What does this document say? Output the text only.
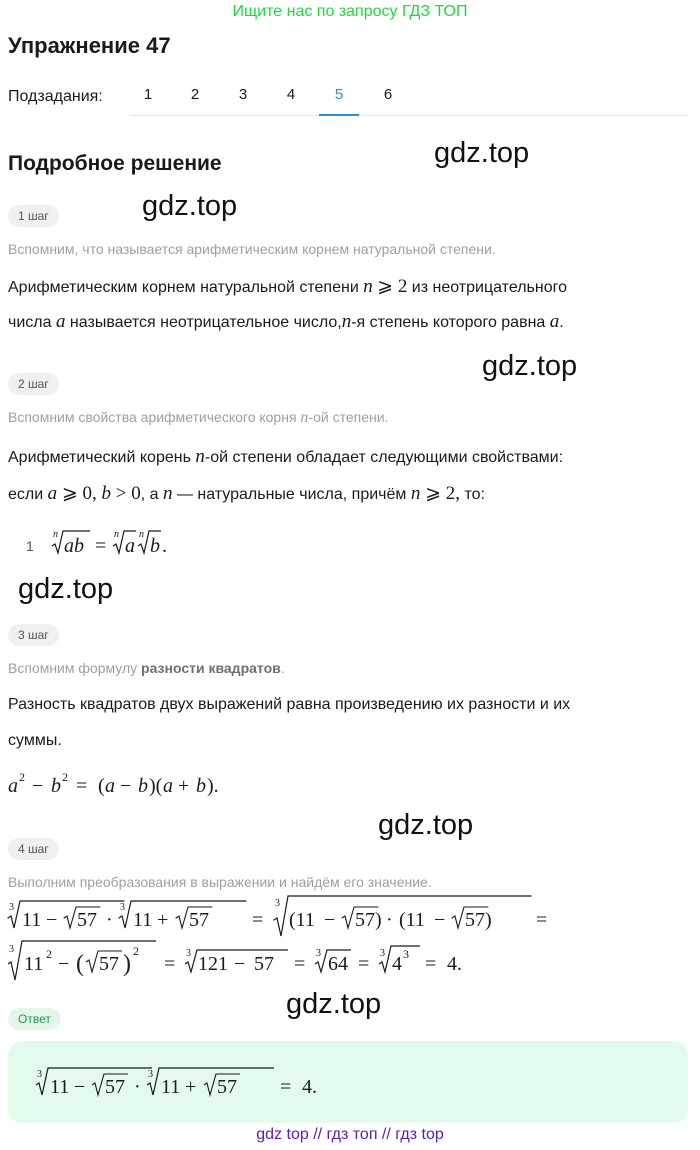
Ищите нас по запросу ГДЗ ТОП
Упражнение 47
Подзадания:	1	2	3	4	5	6
Подробное решение	gdz.top
gdz.top
gdz.top
gdz.top
gdz.top
gdz.top
1 шаг
Вспомним, что называется арифметическим корнем натуральной степени.
Арифметическим корнем натуральной степени n ⩾ 2 из неотрицательного
числа a называется неотрицательное число,n-я степень которого равна a.
2 шаг
Вспомним свойства арифметического корня n-ой степени.
Арифметический корень n-ой степени обладает следующими свойствами:
если a ⩾ 0, b > 0, а n — натуральные числа, причём n ⩾ 2, то:
1
n
ab =
n
a
n
b .
3 шаг
Вспомним формулу разности квадратов.
Разность квадратов двух выражений равна произведению их разности и их
суммы.
a 2 − b 2 = ( a − b )( a + b ).
4 шаг
Выполним преобразования в выражении и найдём его значение.
3
11 − 57 ·
3
11 + 57 =
3
(11 − 57) · (11 − 57) =
3
11 2 − ( 57 ) 2
= 3 121 − 57 = 3 64 = 3 4 3 = 4.
Ответ
3
11 − 57 ·
3
11 + 57 = 4.
gdz top // гдз топ // гдз top
